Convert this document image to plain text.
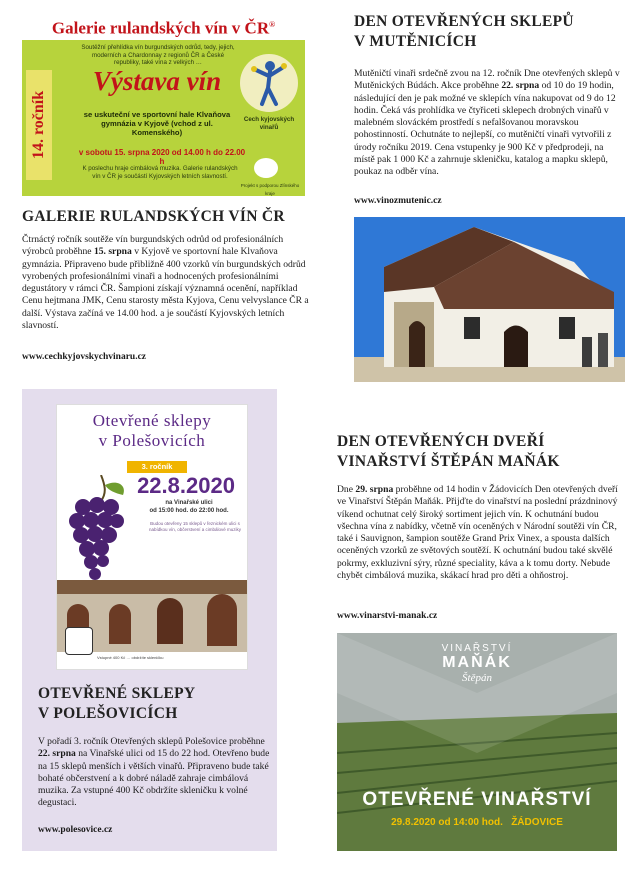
Galerie rulandských vín v ČR®
14. ročník
Soutěžní přehlídka vín burgundských odrůd, tedy, jejich, moderních a Chardonnay z regionů ČR a České republiky, také vína z velkých …
Výstava vín
se uskuteční ve sportovní hale Klvaňova gymnázia v Kyjově (vchod z ul. Komenského)
v sobotu 15. srpna 2020 od 14.00 h do 22.00 h
K poslechu hraje cimbálová muzika. Galerie rulandských vín v ČR je součástí Kyjovských letních slavností.
Cech kyjovských vinařů
Projekt s podporou Zlínského kraje
GALERIE RULANDSKÝCH VÍN ČR

Čtrnáctý ročník soutěže vín burgundských odrůd od profesionálních výrobců proběhne 15. srpna v Kyjově ve sportovní hale Klvaňova gymnázia. Připraveno bude přibližně 400 vzorků vín burgundských odrůd vyrobených profesionálními vinaři a hodnocených profesionálními degustátory v rámci ČR. Šampioni získají významná ocenění, například Cenu hejtmana JMK, Cenu starosty města Kyjova, Cenu velvyslance ČR a další. Výstava začíná ve 14.00 hod. a je součástí Kyjovských letních slavností.

www.cechkyjovskychvinaru.cz
Otevřené sklepy
v Polešovicích
3. ročník
22.8.2020
na Vinařské ulici
od 15:00 hod. do 22:00 hod.
Budou otevřeny 15 sklepů v řeznickém ulici s nabídkou vín, občerstvení a cimbálové muziky
Vstupné 400 Kč … obdržíte skleničku
OTEVŘENÉ SKLEPY
V POLEŠOVICÍCH

V pořadí 3. ročník Otevřených sklepů Polešovice proběhne 22. srpna na Vinařské ulici od 15 do 22 hod. Otevřeno bude na 15 sklepů menších i větších vinařů. Připraveno bude také bohaté občerstvení a k dobré náladě zahraje cimbálová muzika. Za vstupné 400 Kč obdržíte skleničku k volné degustaci.

www.polesovice.cz
DEN OTEVŘENÝCH SKLEPŮ
V MUTĚNICÍCH

Mutěničtí vinaři srdečně zvou na 12. ročník Dne otevřených sklepů v Mutěnických Búdách. Akce proběhne 22. srpna od 10 do 19 hodin, následující den je pak možné ve sklepích vína nakupovat od 9 do 12 hodin. Čeká vás prohlídka ve čtyřiceti sklepech drobných vinařů v malebném slováckém prostředí s nefalšovanou moravskou pohostinností. Ochutnáte to nejlepší, co mutěničtí vinaři vytvořili z úrody ročníku 2019. Cena vstupenky je 900 Kč v předprodeji, na místě pak 1 000 Kč a zahrnuje skleničku, katalog a mapku sklepů, poukaz na odběr vína.

www.vinozmutenic.cz
DEN OTEVŘENÝCH DVEŘÍ
VINAŘSTVÍ ŠTĚPÁN MAŇÁK

Dne 29. srpna proběhne od 14 hodin v Žádovicích Den otevřených dveří ve Vinařství Štěpán Maňák. Přijďte do vinařství na poslední prázdninový víkend ochutnat celý široký sortiment jejich vín. K ochutnání budou všechna vína z nabídky, včetně vín oceněných v Národní soutěži vín ČR, také i Sauvignon, šampion soutěže Grand Prix Vinex, a spousta dalších oceněných vzorků ze světových soutěží. K ochutnání budou také skvělé pokrmy, exkluzivní sýry, různé speciality, káva a k tomu dorty. Nebude chybět cimbálová muzika, skákací hrad pro děti a ohňostroj.

www.vinarstvi-manak.cz
VINAŘSTVÍ
MAŇÁK
Štěpán
OTEVŘENÉ VINAŘSTVÍ
29.8.2020 od 14:00 hod. ŽÁDOVICE
